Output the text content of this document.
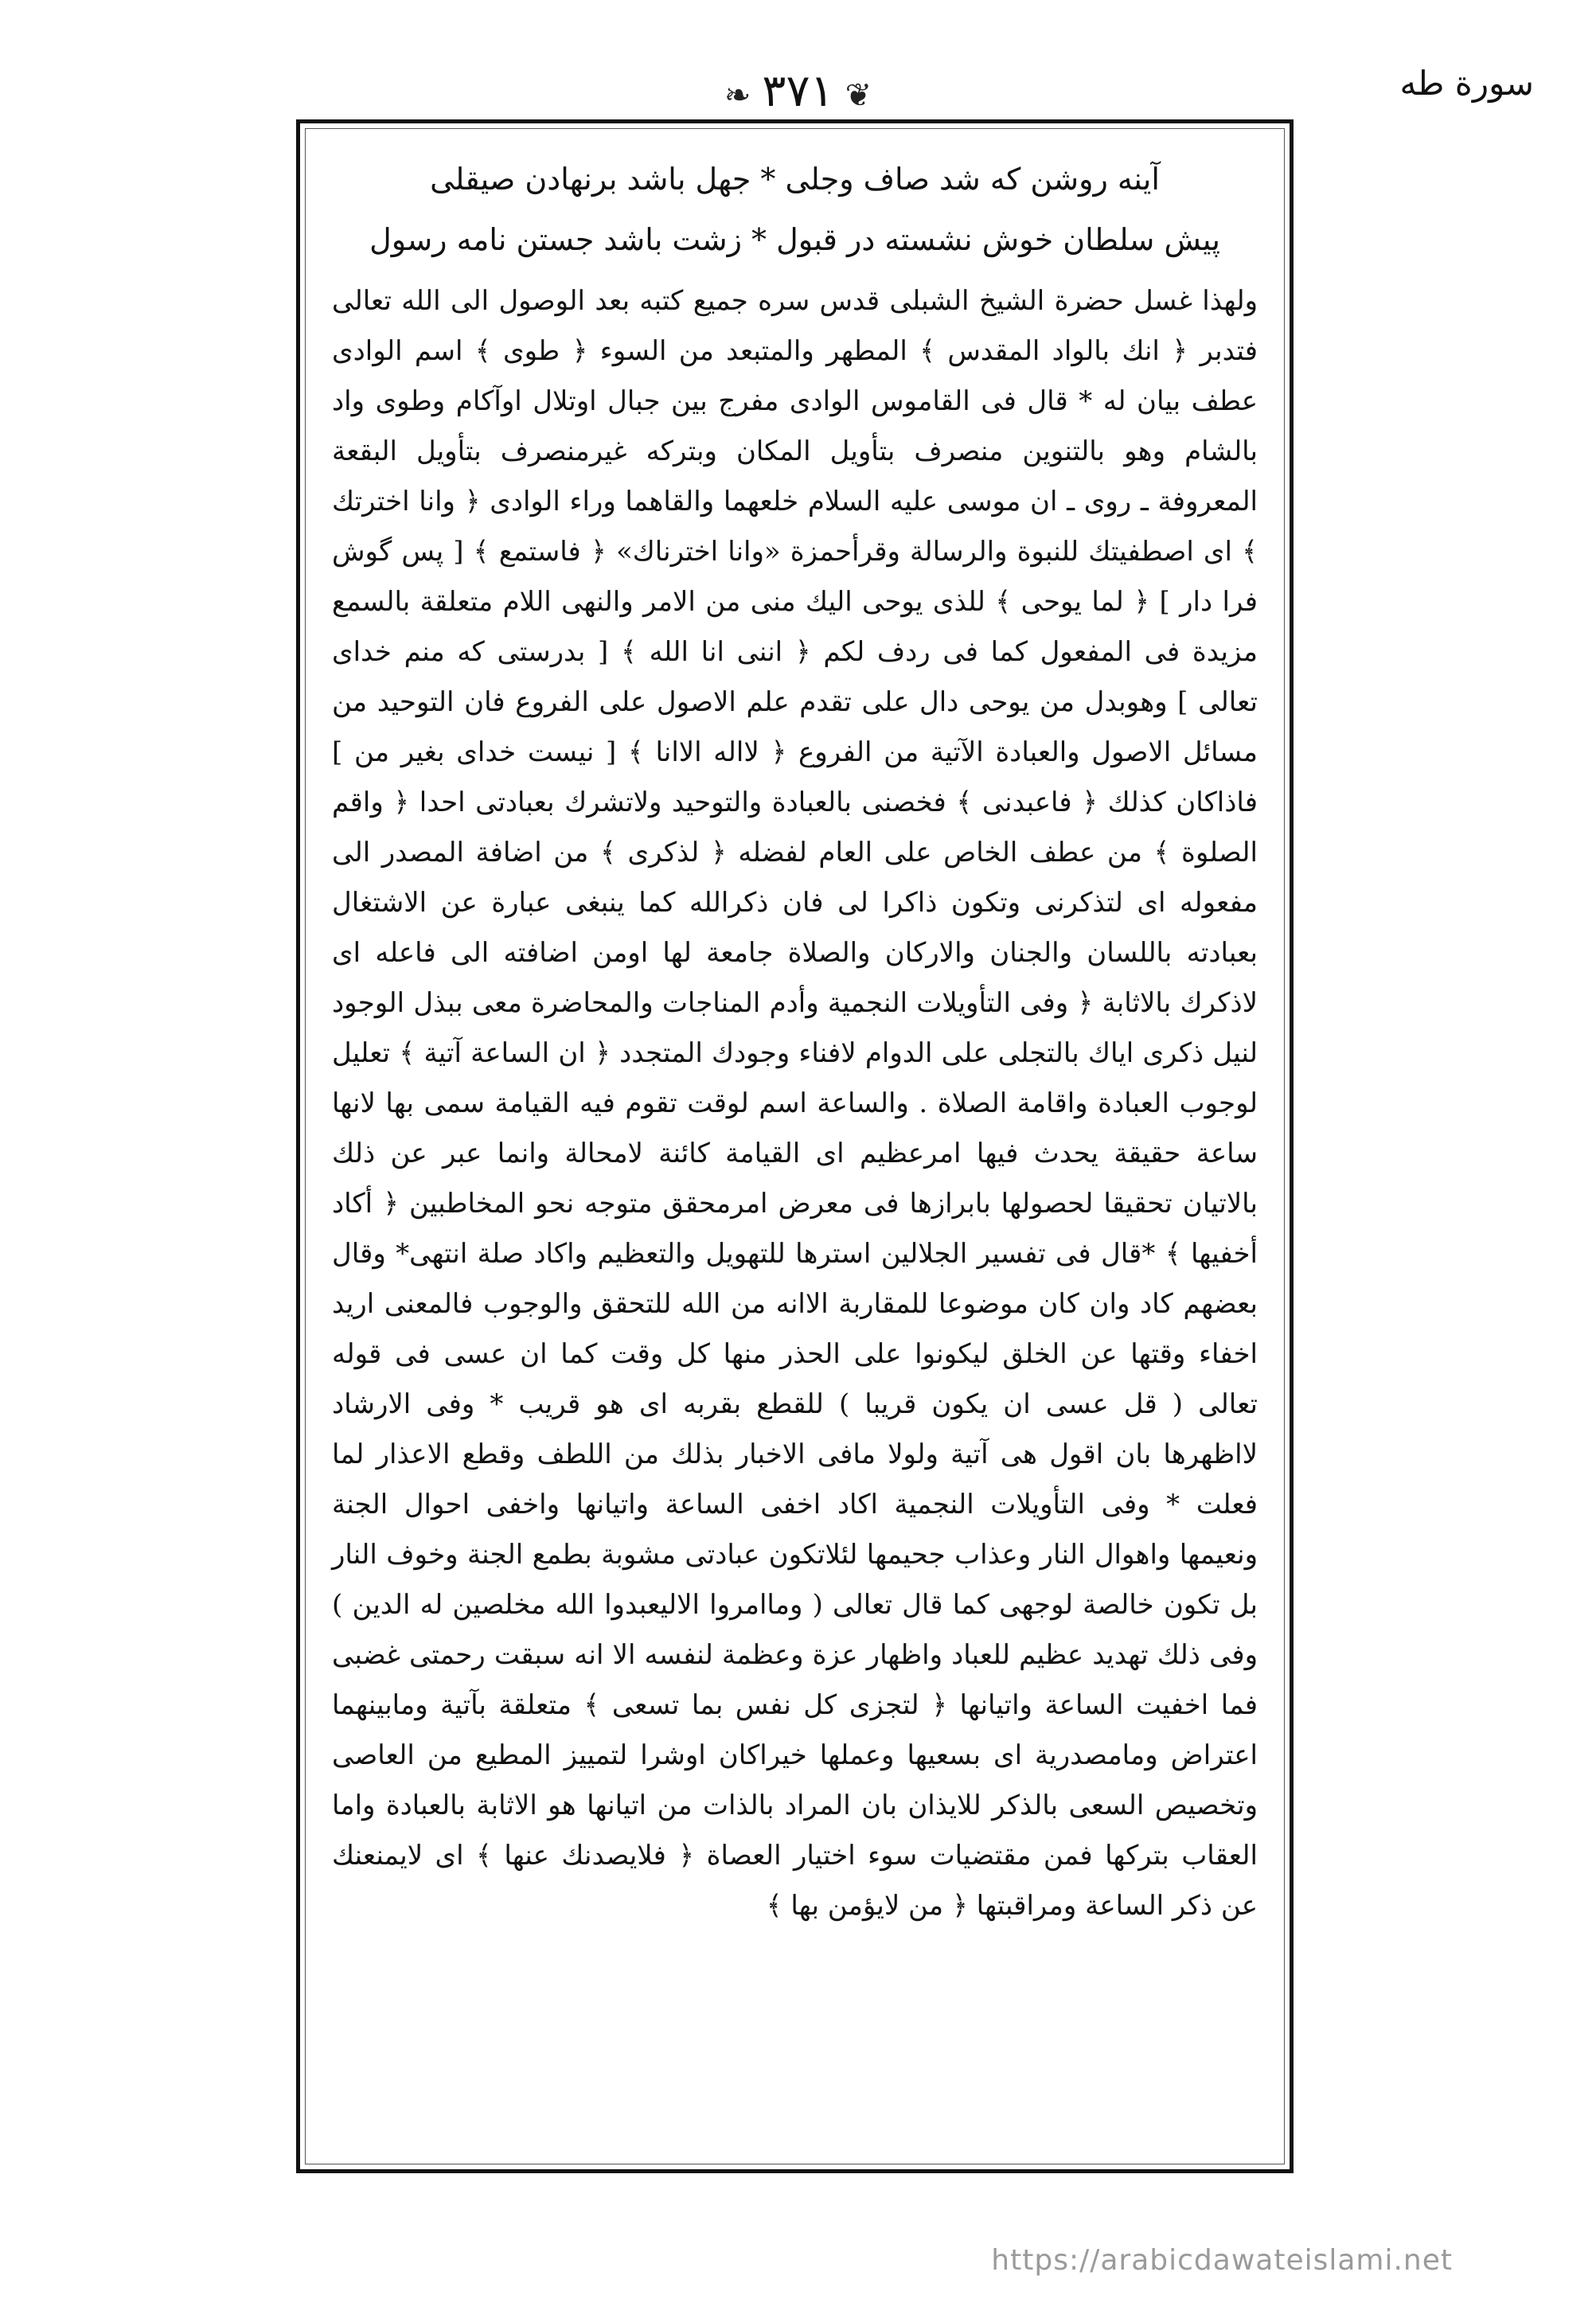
❦٣٧١❧	سورة طه

آينه روشن كه شد صاف وجلى * جهل باشد برنهادن صيقلى

پيش سلطان خوش نشسته در قبول * زشت باشد جستن نامه رسول

ولهذا غسل حضرة الشيخ الشبلى قدس سره جميع كتبه بعد الوصول الى الله تعالى فتدبر ﴿ انك بالواد المقدس ﴾ المطهر والمتبعد من السوء ﴿ طوى ﴾ اسم الوادى عطف بيان له * قال فى القاموس الوادى مفرج بين جبال اوتلال اوآكام وطوى واد بالشام وهو بالتنوين منصرف بتأويل المكان وبتركه غيرمنصرف بتأويل البقعة المعروفة ـ روى ـ ان موسى عليه السلام خلعهما والقاهما وراء الوادى ﴿ وانا اخترتك ﴾ اى اصطفيتك للنبوة والرسالة وقرأحمزة «وانا اخترناك» ﴿ فاستمع ﴾ [ پس گوش فرا دار ] ﴿ لما يوحى ﴾ للذى يوحى اليك منى من الامر والنهى اللام متعلقة بالسمع مزيدة فى المفعول كما فى ردف لكم ﴿ اننى انا الله ﴾ [ بدرستى كه منم خداى تعالى ] وهوبدل من يوحى دال على تقدم علم الاصول على الفروع فان التوحيد من مسائل الاصول والعبادة الآتية من الفروع ﴿ لااله الاانا ﴾ [ نيست خداى بغير من ] فاذاكان كذلك ﴿ فاعبدنى ﴾ فخصنى بالعبادة والتوحيد ولاتشرك بعبادتى احدا ﴿ واقم الصلوة ﴾ من عطف الخاص على العام لفضله ﴿ لذكرى ﴾ من اضافة المصدر الى مفعوله اى لتذكرنى وتكون ذاكرا لى فان ذكرالله كما ينبغى عبارة عن الاشتغال بعبادته باللسان والجنان والاركان والصلاة جامعة لها اومن اضافته الى فاعله اى لاذكرك بالاثابة ﴿ وفى التأويلات النجمية وأدم المناجات والمحاضرة معى ببذل الوجود لنيل ذكرى اياك بالتجلى على الدوام لافناء وجودك المتجدد ﴿ ان الساعة آتية ﴾ تعليل لوجوب العبادة واقامة الصلاة . والساعة اسم لوقت تقوم فيه القيامة سمى بها لانها ساعة حقيقة يحدث فيها امرعظيم اى القيامة كائنة لامحالة وانما عبر عن ذلك بالاتيان تحقيقا لحصولها بابرازها فى معرض امرمحقق متوجه نحو المخاطبين ﴿ أكاد أخفيها ﴾ *قال فى تفسير الجلالين استرها للتهويل والتعظيم واكاد صلة انتهى* وقال بعضهم كاد وان كان موضوعا للمقاربة الاانه من الله للتحقق والوجوب فالمعنى اريد اخفاء وقتها عن الخلق ليكونوا على الحذر منها كل وقت كما ان عسى فى قوله تعالى ( قل عسى ان يكون قريبا ) للقطع بقربه اى هو قريب * وفى الارشاد لااظهرها بان اقول هى آتية ولولا مافى الاخبار بذلك من اللطف وقطع الاعذار لما فعلت * وفى التأويلات النجمية اكاد اخفى الساعة واتيانها واخفى احوال الجنة ونعيمها واهوال النار وعذاب جحيمها لئلاتكون عبادتى مشوبة بطمع الجنة وخوف النار بل تكون خالصة لوجهى كما قال تعالى ( وماامروا الاليعبدوا الله مخلصين له الدين ) وفى ذلك تهديد عظيم للعباد واظهار عزة وعظمة لنفسه الا انه سبقت رحمتى غضبى فما اخفيت الساعة واتيانها ﴿ لتجزى كل نفس بما تسعى ﴾ متعلقة بآتية ومابينهما اعتراض ومامصدرية اى بسعيها وعملها خيراكان اوشرا لتمييز المطيع من العاصى وتخصيص السعى بالذكر للايذان بان المراد بالذات من اتيانها هو الاثابة بالعبادة واما العقاب بتركها فمن مقتضيات سوء اختيار العصاة ﴿ فلايصدنك عنها ﴾ اى لايمنعنك عن ذكر الساعة ومراقبتها ﴿ من لايؤمن بها ﴾

https://arabicdawateislami.net
